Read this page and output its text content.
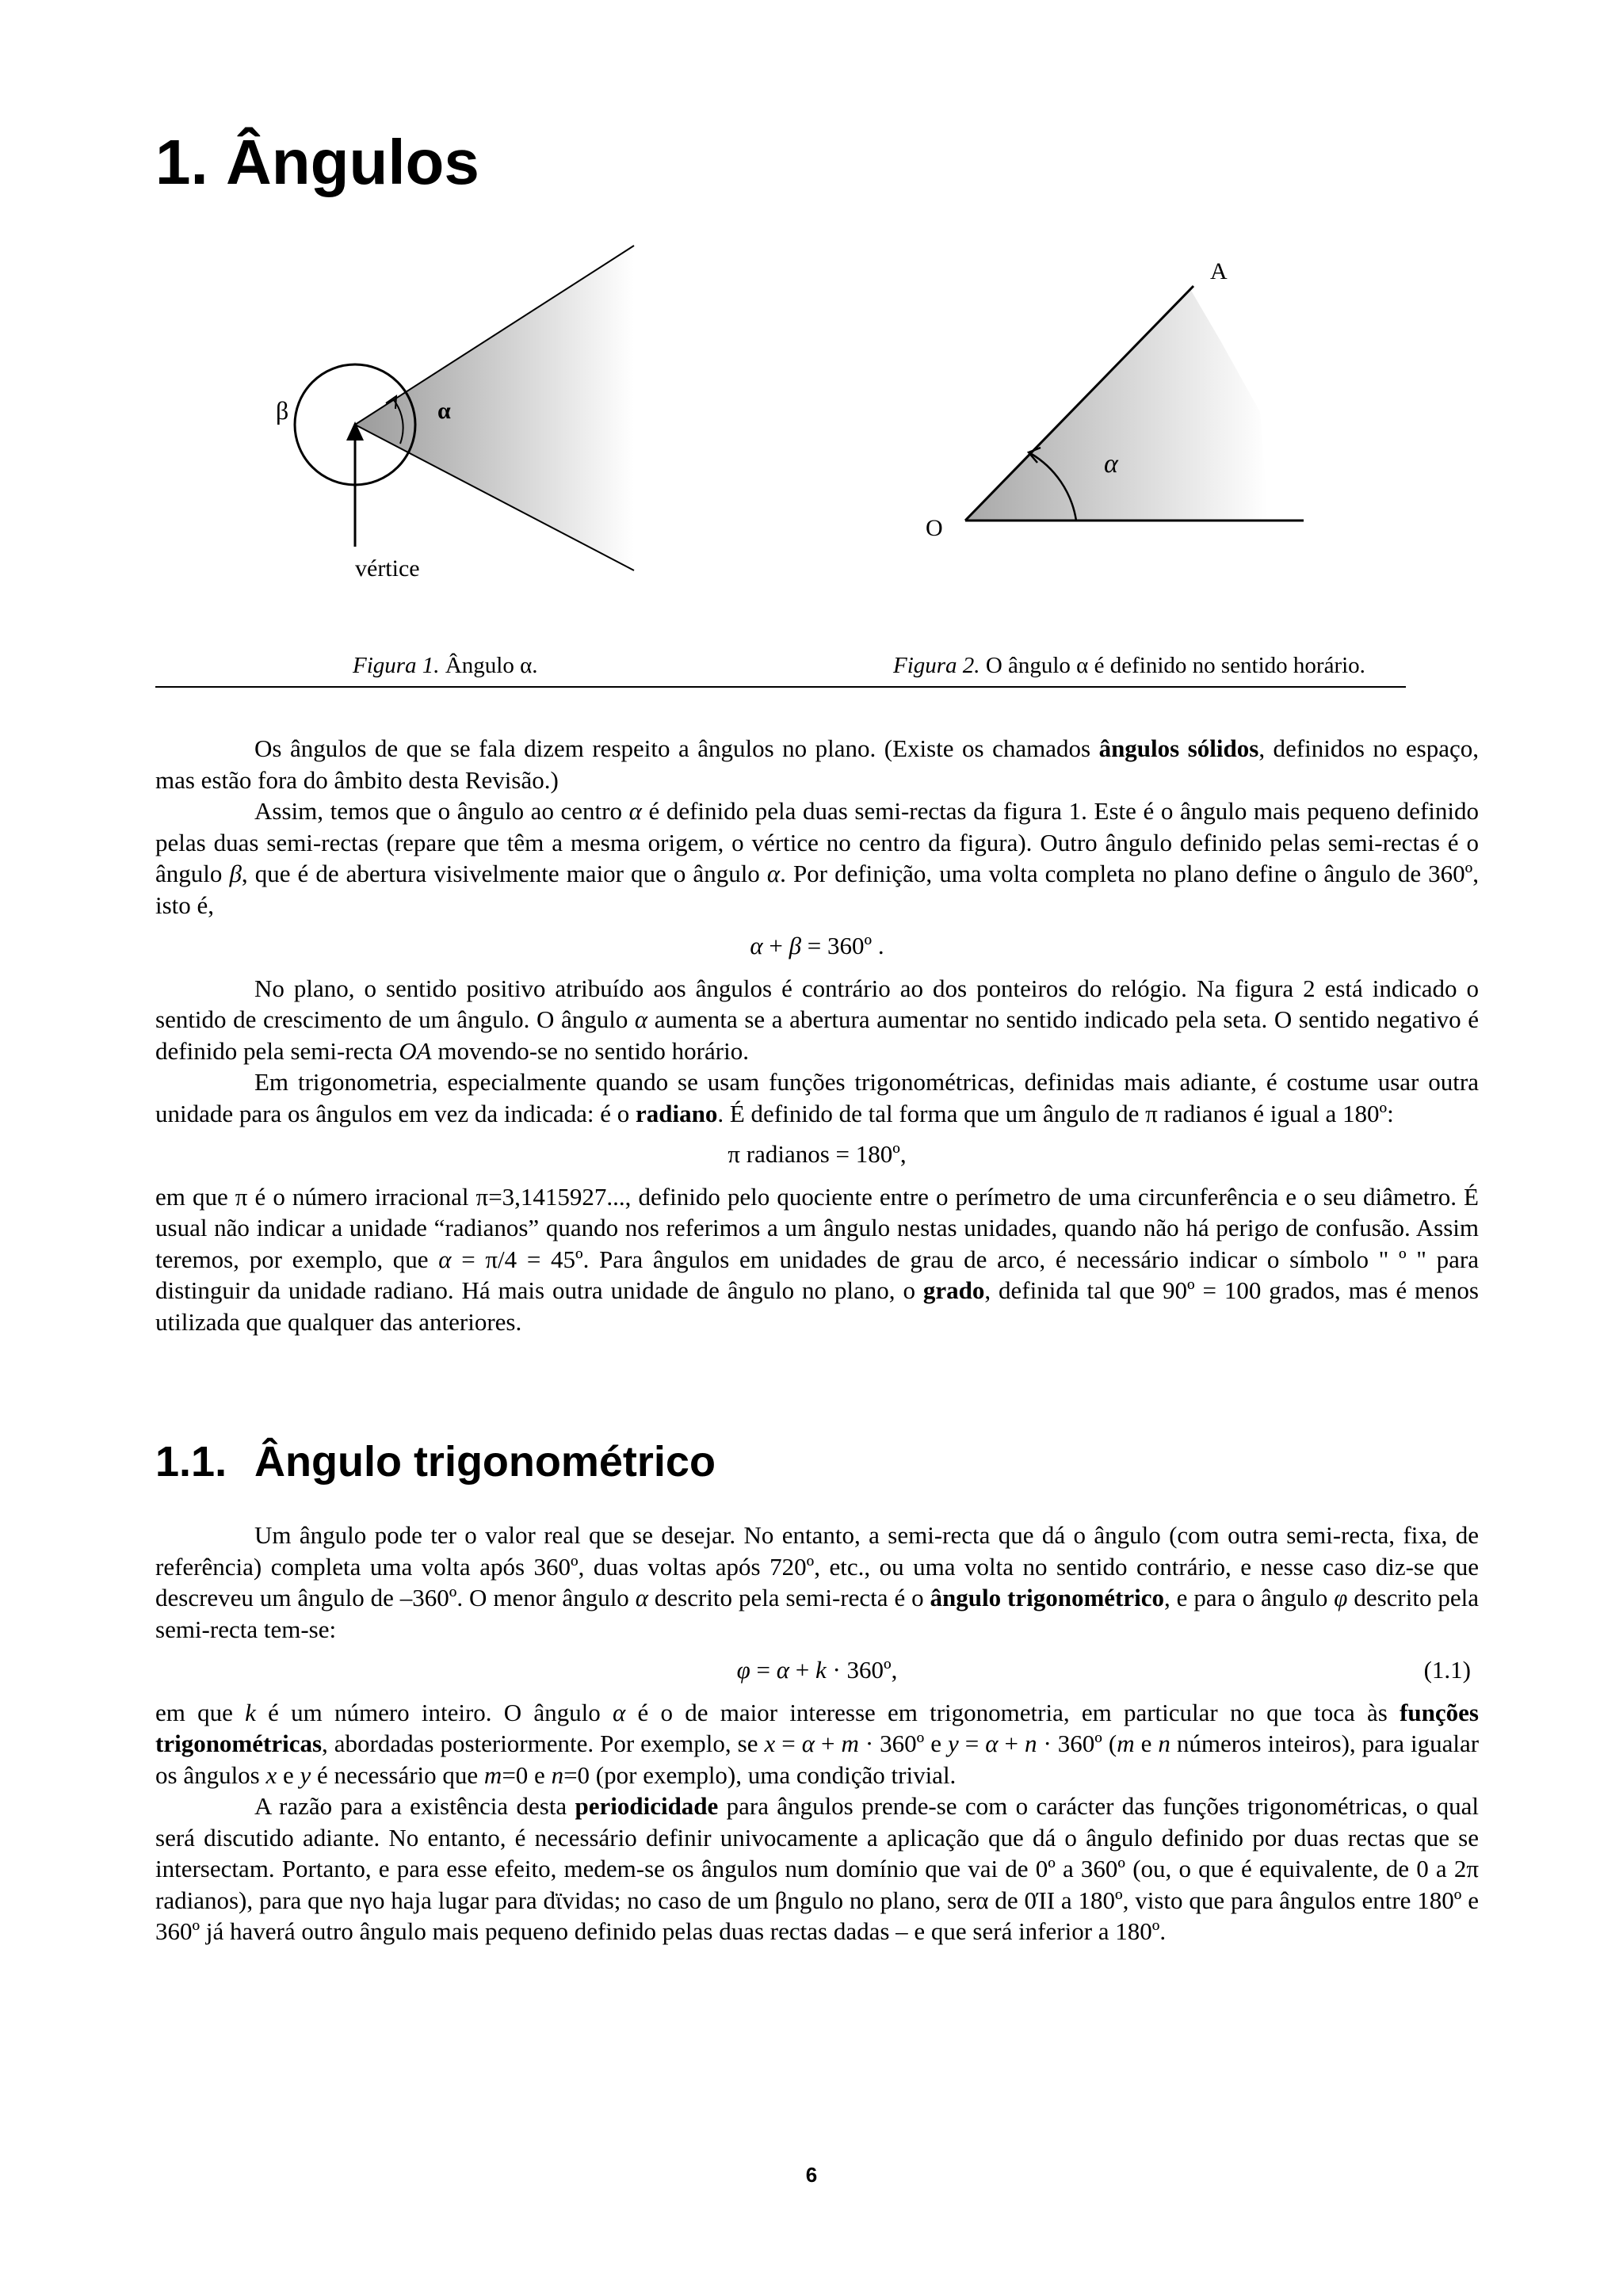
1. Ângulos
β	α
vértice
A
O
α

Figura 1. Ângulo α.	Figura 2. O ângulo α é definido no sentido horário.

Os ângulos de que se fala dizem respeito a ângulos no plano. (Existe os chamados ângulos sólidos, definidos no espaço, mas estão fora do âmbito desta Revisão.)

Assim, temos que o ângulo ao centro α é definido pela duas semi-rectas da figura 1. Este é o ângulo mais pequeno definido pelas duas semi-rectas (repare que têm a mesma origem, o vértice no centro da figura). Outro ângulo definido pelas semi-rectas é o ângulo β, que é de abertura visivelmente maior que o ângulo α. Por definição, uma volta completa no plano define o ângulo de 360º, isto é,

α + β = 360º .

No plano, o sentido positivo atribuído aos ângulos é contrário ao dos ponteiros do relógio. Na figura 2 está indicado o sentido de crescimento de um ângulo. O ângulo α aumenta se a abertura aumentar no sentido indicado pela seta. O sentido negativo é definido pela semi-recta OA movendo-se no sentido horário.

Em trigonometria, especialmente quando se usam funções trigonométricas, definidas mais adiante, é costume usar outra unidade para os ângulos em vez da indicada: é o radiano. É definido de tal forma que um ângulo de π radianos é igual a 180º:

π radianos = 180º,

em que π é o número irracional π=3,1415927..., definido pelo quociente entre o perímetro de uma circunferência e o seu diâmetro. É usual não indicar a unidade “radianos” quando nos referimos a um ângulo nestas unidades, quando não há perigo de confusão. Assim teremos, por exemplo, que α = π/4 = 45º. Para ângulos em unidades de grau de arco, é necessário indicar o símbolo " º " para distinguir da unidade radiano. Há mais outra unidade de ângulo no plano, o grado, definida tal que 90º = 100 grados, mas é menos utilizada que qualquer das anteriores.

1.1. Ângulo trigonométrico

Um ângulo pode ter o valor real que se desejar. No entanto, a semi-recta que dá o ângulo (com outra semi-recta, fixa, de referência) completa uma volta após 360º, duas voltas após 720º, etc., ou uma volta no sentido contrário, e nesse caso diz-se que descreveu um ângulo de –360º. O menor ângulo α descrito pela semi-recta é o ângulo trigonométrico, e para o ângulo φ descrito pela semi-recta tem-se:

φ = α + k · 360º,	(1.1)

em que k é um número inteiro. O ângulo α é o de maior interesse em trigonometria, em particular no que toca às funções trigonométricas, abordadas posteriormente. Por exemplo, se x = α + m · 360º e y = α + n · 360º (m e n números inteiros), para igualar os ângulos x e y é necessário que m=0 e n=0 (por exemplo), uma condição trivial.

A razão para a existência desta periodicidade para ângulos prende-se com o carácter das funções trigonométricas, o qual será discutido adiante. No entanto, é necessário definir univocamente a aplicação que dá o ângulo definido por duas rectas que se intersectam. Portanto, e para esse efeito, medem-se os ângulos num domínio que vai de 0º a 360º (ou, o que é equivalente, de 0 a 2π radianos), para que nγo haja lugar para dϊvidas; no caso de um βngulo no plano, serα de 0ΊΙ a 180º, visto que para ângulos entre 180º e 360º já haverá outro ângulo mais pequeno definido pelas duas rectas dadas – e que será inferior a 180º.

6
